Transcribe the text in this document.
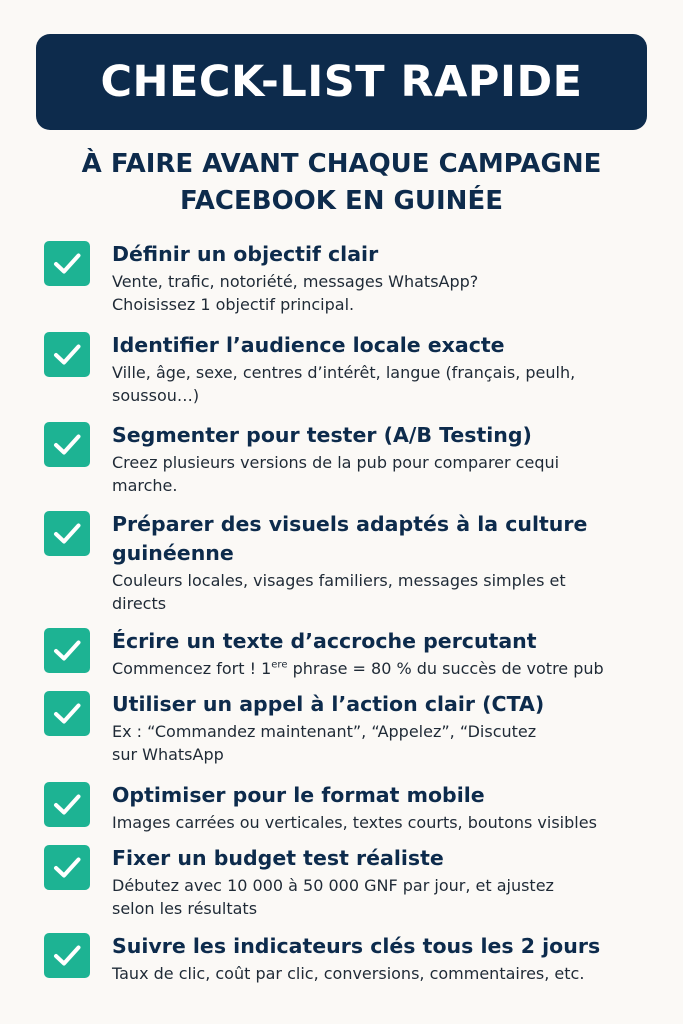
CHECK-LIST RAPIDE
À FAIRE AVANT CHAQUE CAMPAGNE
FACEBOOK EN GUINÉE
Définir un objectif clair
Vente, trafic, notoriété, messages WhatsApp?
Choisissez 1 objectif principal.
Identifier l’audience locale exacte
Ville, âge, sexe, centres d’intérêt, langue (français, peulh,
soussou…)
Segmenter pour tester (A/B Testing)
Creez plusieurs versions de la pub pour comparer cequi
marche.
Préparer des visuels adaptés à la culture
guinéenne
Couleurs locales, visages familiers, messages simples et
directs
Écrire un texte d’accroche percutant
Commencez fort ! 1ere phrase = 80 % du succès de votre pub
Utiliser un appel à l’action clair (CTA)
Ex : “Commandez maintenant”, “Appelez”, “Discutez
sur WhatsApp
Optimiser pour le format mobile
Images carrées ou verticales, textes courts, boutons visibles
Fixer un budget test réaliste
Débutez avec 10 000 à 50 000 GNF par jour, et ajustez
selon les résultats
Suivre les indicateurs clés tous les 2 jours
Taux de clic, coût par clic, conversions, commentaires, etc.
